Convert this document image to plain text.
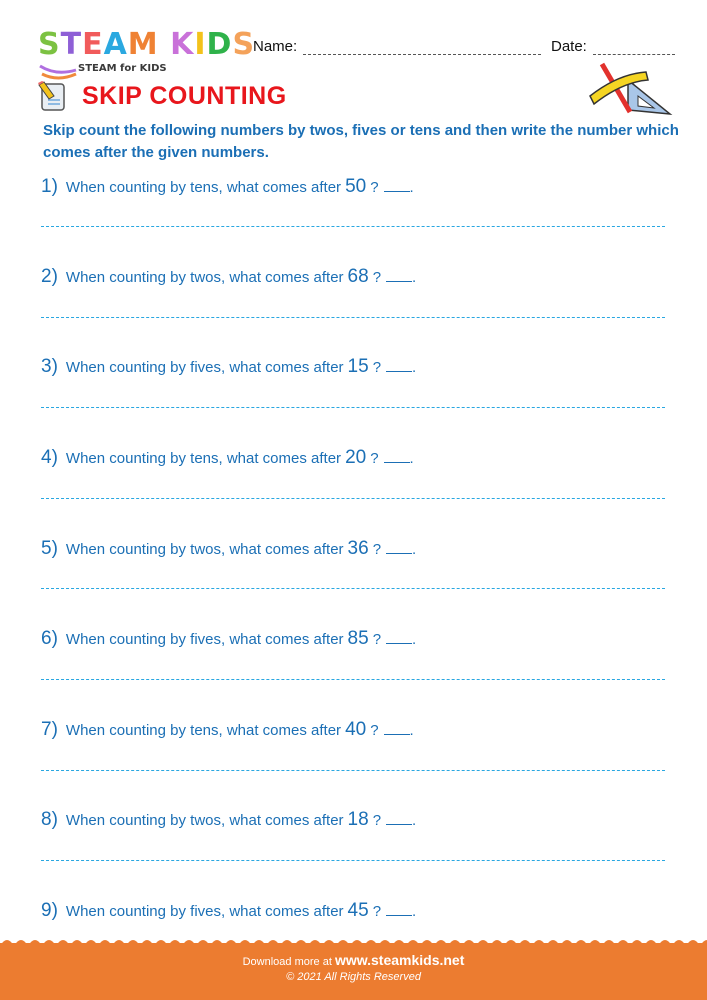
STEAM KIDS
STEAM for KIDS
Name:	Date:
SKIP COUNTING
Skip count the following numbers by twos, fives or tens and then write the number which comes after the given numbers.
1) When counting by tens, what comes after 50 ? .
2) When counting by twos, what comes after 68 ? .
3) When counting by fives, what comes after 15 ? .
4) When counting by tens, what comes after 20 ? .
5) When counting by twos, what comes after 36 ? .
6) When counting by fives, what comes after 85 ? .
7) When counting by tens, what comes after 40 ? .
8) When counting by twos, what comes after 18 ? .
9) When counting by fives, what comes after 45 ? .
Download more at www.steamkids.net
© 2021 All Rights Reserved
